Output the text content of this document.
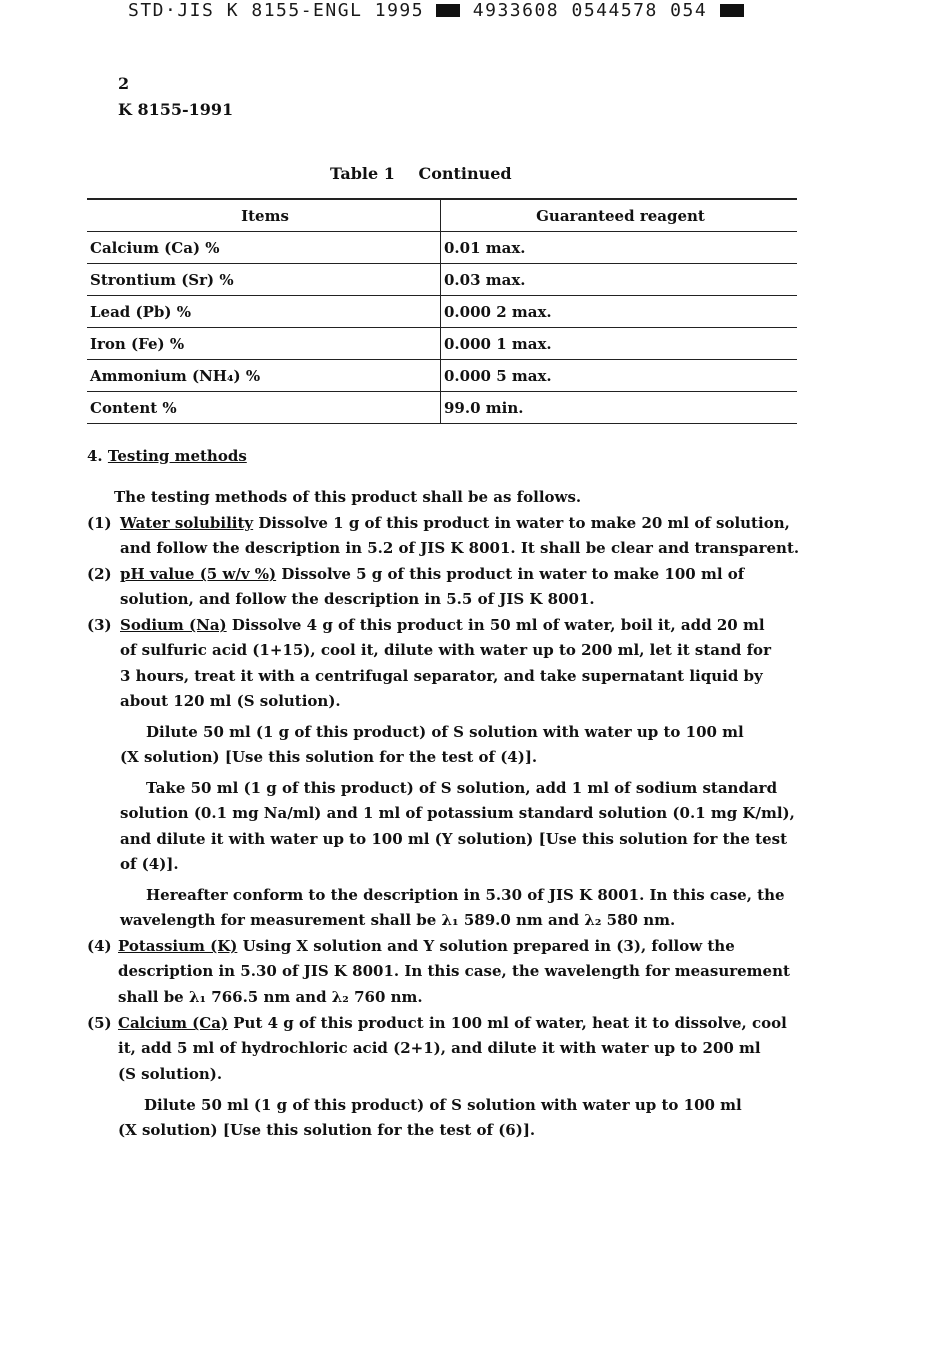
STD·JIS K 8155-ENGL 1995	4933608 0544578 054
2
K 8155-1991
Table 1 Continued
Items	Guaranteed reagent
Calcium (Ca) %	0.01 max.
Strontium (Sr) %	0.03 max.
Lead (Pb) %	0.000 2 max.
Iron (Fe) %	0.000 1 max.
Ammonium (NH₄) %	0.000 5 max.
Content %	99.0 min.
4. Testing methods
The testing methods of this product shall be as follows.
(1) Water solubility Dissolve 1 g of this product in water to make 20 ml of solution,
and follow the description in 5.2 of JIS K 8001. It shall be clear and transparent.
(2) pH value (5 w/v %) Dissolve 5 g of this product in water to make 100 ml of
solution, and follow the description in 5.5 of JIS K 8001.
(3) Sodium (Na) Dissolve 4 g of this product in 50 ml of water, boil it, add 20 ml
of sulfuric acid (1+15), cool it, dilute with water up to 200 ml, let it stand for
3 hours, treat it with a centrifugal separator, and take supernatant liquid by
about 120 ml (S solution).
Dilute 50 ml (1 g of this product) of S solution with water up to 100 ml
(X solution) [Use this solution for the test of (4)].
Take 50 ml (1 g of this product) of S solution, add 1 ml of sodium standard
solution (0.1 mg Na/ml) and 1 ml of potassium standard solution (0.1 mg K/ml),
and dilute it with water up to 100 ml (Y solution) [Use this solution for the test
of (4)].
Hereafter conform to the description in 5.30 of JIS K 8001. In this case, the
wavelength for measurement shall be λ₁ 589.0 nm and λ₂ 580 nm.
(4) Potassium (K) Using X solution and Y solution prepared in (3), follow the
description in 5.30 of JIS K 8001. In this case, the wavelength for measurement
shall be λ₁ 766.5 nm and λ₂ 760 nm.
(5) Calcium (Ca) Put 4 g of this product in 100 ml of water, heat it to dissolve, cool
it, add 5 ml of hydrochloric acid (2+1), and dilute it with water up to 200 ml
(S solution).
Dilute 50 ml (1 g of this product) of S solution with water up to 100 ml
(X solution) [Use this solution for the test of (6)].
